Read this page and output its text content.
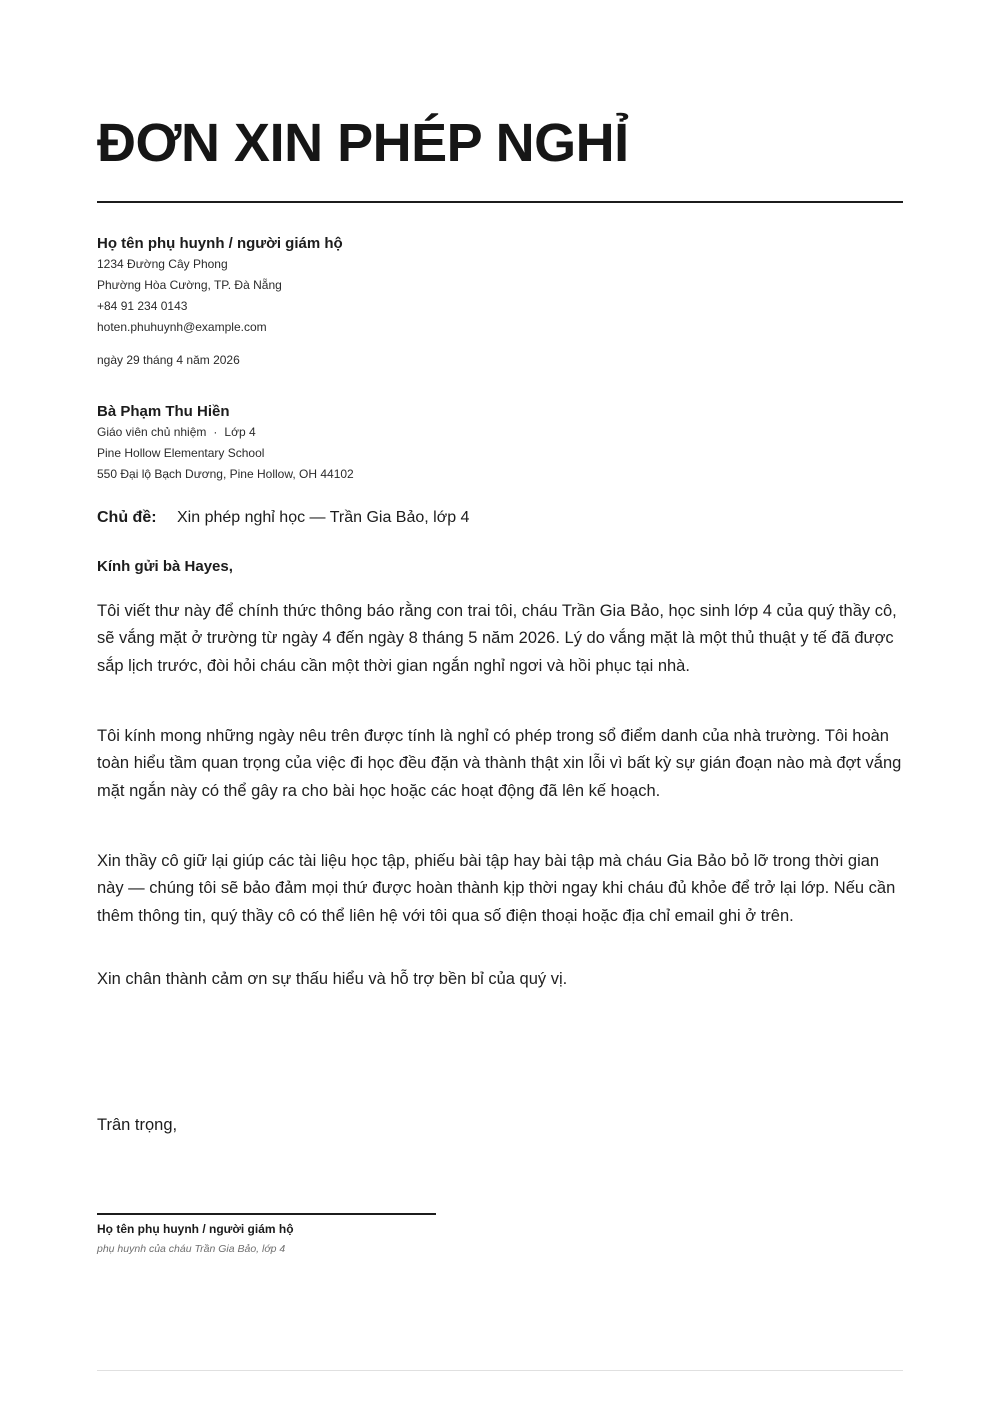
ĐƠN XIN PHÉP NGHỈ
Họ tên phụ huynh / người giám hộ
1234 Đường Cây Phong
Phường Hòa Cường, TP. Đà Nẵng
+84 91 234 0143
hoten.phuhuynh@example.com
ngày 29 tháng 4 năm 2026
Bà Phạm Thu Hiền
Giáo viên chủ nhiệm · Lớp 4
Pine Hollow Elementary School
550 Đại lộ Bạch Dương, Pine Hollow, OH 44102
Chủ đề: Xin phép nghỉ học — Trần Gia Bảo, lớp 4
Kính gửi bà Hayes,

Tôi viết thư này để chính thức thông báo rằng con trai tôi, cháu Trần Gia Bảo, học sinh lớp 4 của quý thầy cô, sẽ vắng mặt ở trường từ ngày 4 đến ngày 8 tháng 5 năm 2026. Lý do vắng mặt là một thủ thuật y tế đã được sắp lịch trước, đòi hỏi cháu cần một thời gian ngắn nghỉ ngơi và hồi phục tại nhà.

Tôi kính mong những ngày nêu trên được tính là nghỉ có phép trong sổ điểm danh của nhà trường. Tôi hoàn toàn hiểu tầm quan trọng của việc đi học đều đặn và thành thật xin lỗi vì bất kỳ sự gián đoạn nào mà đợt vắng mặt ngắn này có thể gây ra cho bài học hoặc các hoạt động đã lên kế hoạch.

Xin thầy cô giữ lại giúp các tài liệu học tập, phiếu bài tập hay bài tập mà cháu Gia Bảo bỏ lỡ trong thời gian này — chúng tôi sẽ bảo đảm mọi thứ được hoàn thành kịp thời ngay khi cháu đủ khỏe để trở lại lớp. Nếu cần thêm thông tin, quý thầy cô có thể liên hệ với tôi qua số điện thoại hoặc địa chỉ email ghi ở trên.

Xin chân thành cảm ơn sự thấu hiểu và hỗ trợ bền bỉ của quý vị.

Trân trọng,
Họ tên phụ huynh / người giám hộ
phụ huynh của cháu Trần Gia Bảo, lớp 4
